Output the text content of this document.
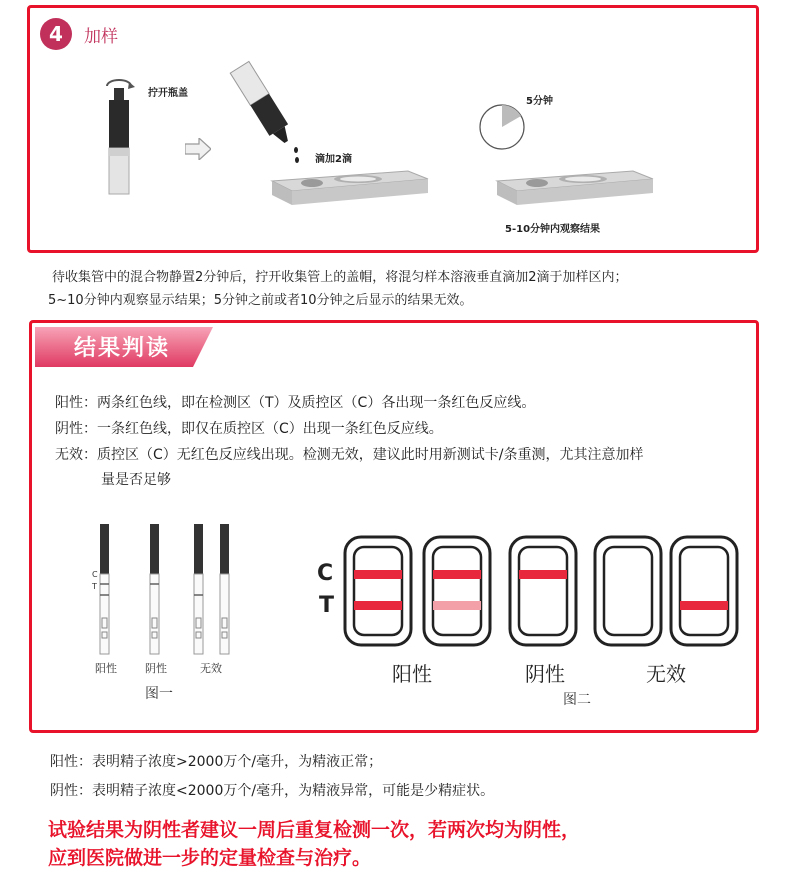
4	加样
拧开瓶盖
滴加2滴
5分钟
5-10分钟内观察结果
待收集管中的混合物静置2分钟后，拧开收集管上的盖帽，将混匀样本溶液垂直滴加2滴于加样区内；
5~10分钟内观察显示结果；5分钟之前或者10分钟之后显示的结果无效。
结果判读
阳性：两条红色线，即在检测区（T）及质控区（C）各出现一条红色反应线。
阴性：一条红色线，即仅在质控区（C）出现一条红色反应线。
无效：质控区（C）无红色反应线出现。检测无效，建议此时用新测试卡/条重测，尤其注意加样
量是否足够
C
T
阳性	阴性	无效
图一
C
T
阳性	阴性	无效
图二
阳性：表明精子浓度>2000万个/毫升，为精液正常；
阴性：表明精子浓度<2000万个/毫升，为精液异常，可能是少精症状。
试验结果为阴性者建议一周后重复检测一次，若两次均为阴性，
应到医院做进一步的定量检查与治疗。
